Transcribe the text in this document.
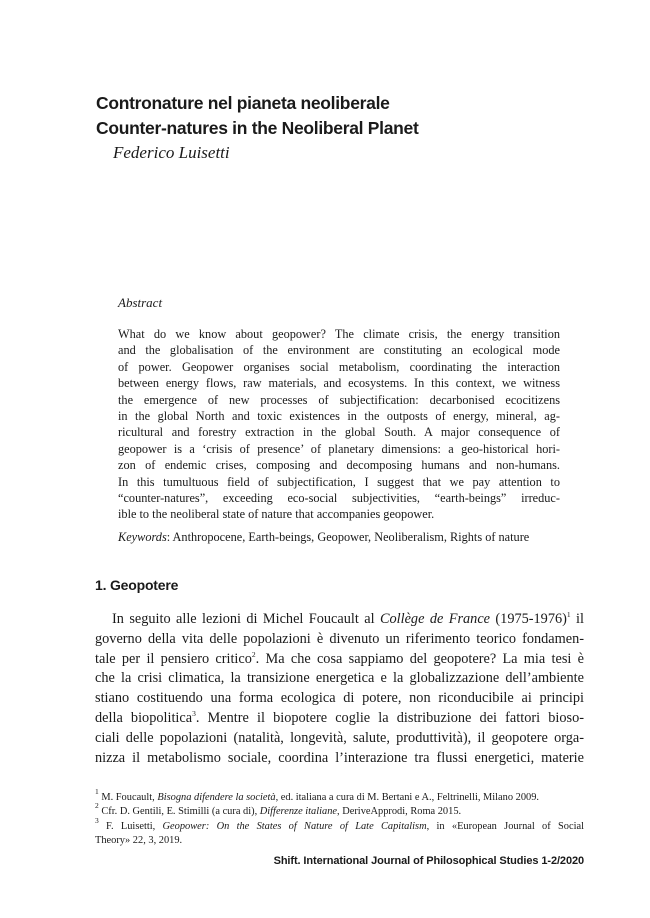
Contronature nel pianeta neoliberale
Counter-natures in the Neoliberal Planet
Federico Luisetti
Abstract
What do we know about geopower? The climate crisis, the energy transition
and the globalisation of the environment are constituting an ecological mode
of power. Geopower organises social metabolism, coordinating the interaction
between energy flows, raw materials, and ecosystems. In this context, we witness
the emergence of new processes of subjectification: decarbonised ecocitizens
in the global North and toxic existences in the outposts of energy, mineral, ag-
ricultural and forestry extraction in the global South. A major consequence of
geopower is a ‘crisis of presence’ of planetary dimensions: a geo-historical hori-
zon of endemic crises, composing and decomposing humans and non-humans.
In this tumultuous field of subjectification, I suggest that we pay attention to
“counter-natures”, exceeding eco-social subjectivities, “earth-beings” irreduc-
ible to the neoliberal state of nature that accompanies geopower.
Keywords: Anthropocene, Earth-beings, Geopower, Neoliberalism, Rights of nature
1. Geopotere
In seguito alle lezioni di Michel Foucault al Collège de France (1975-1976)$^1$ il
governo della vita delle popolazioni è divenuto un riferimento teorico fondamen-
tale per il pensiero critico$^2$. Ma che cosa sappiamo del geopotere? La mia tesi è
che la crisi climatica, la transizione energetica e la globalizzazione dell’ambiente
stiano costituendo una forma ecologica di potere, non riconducibile ai principi
della biopolitica$^3$. Mentre il biopotere coglie la distribuzione dei fattori bioso-
ciali delle popolazioni (natalità, longevità, salute, produttività), il geopotere orga-
nizza il metabolismo sociale, coordina l’interazione tra flussi energetici, materie
$^1$ M. Foucault, Bisogna difendere la società, ed. italiana a cura di M. Bertani e A., Feltrinelli, Milano 2009.
$^2$ Cfr. D. Gentili, E. Stimilli (a cura di), Differenze italiane, DeriveApprodi, Roma 2015.
$^3$ F. Luisetti, Geopower: On the States of Nature of Late Capitalism, in «European Journal of Social
Theory» 22, 3, 2019.
Shift. International Journal of Philosophical Studies 1-2/2020
